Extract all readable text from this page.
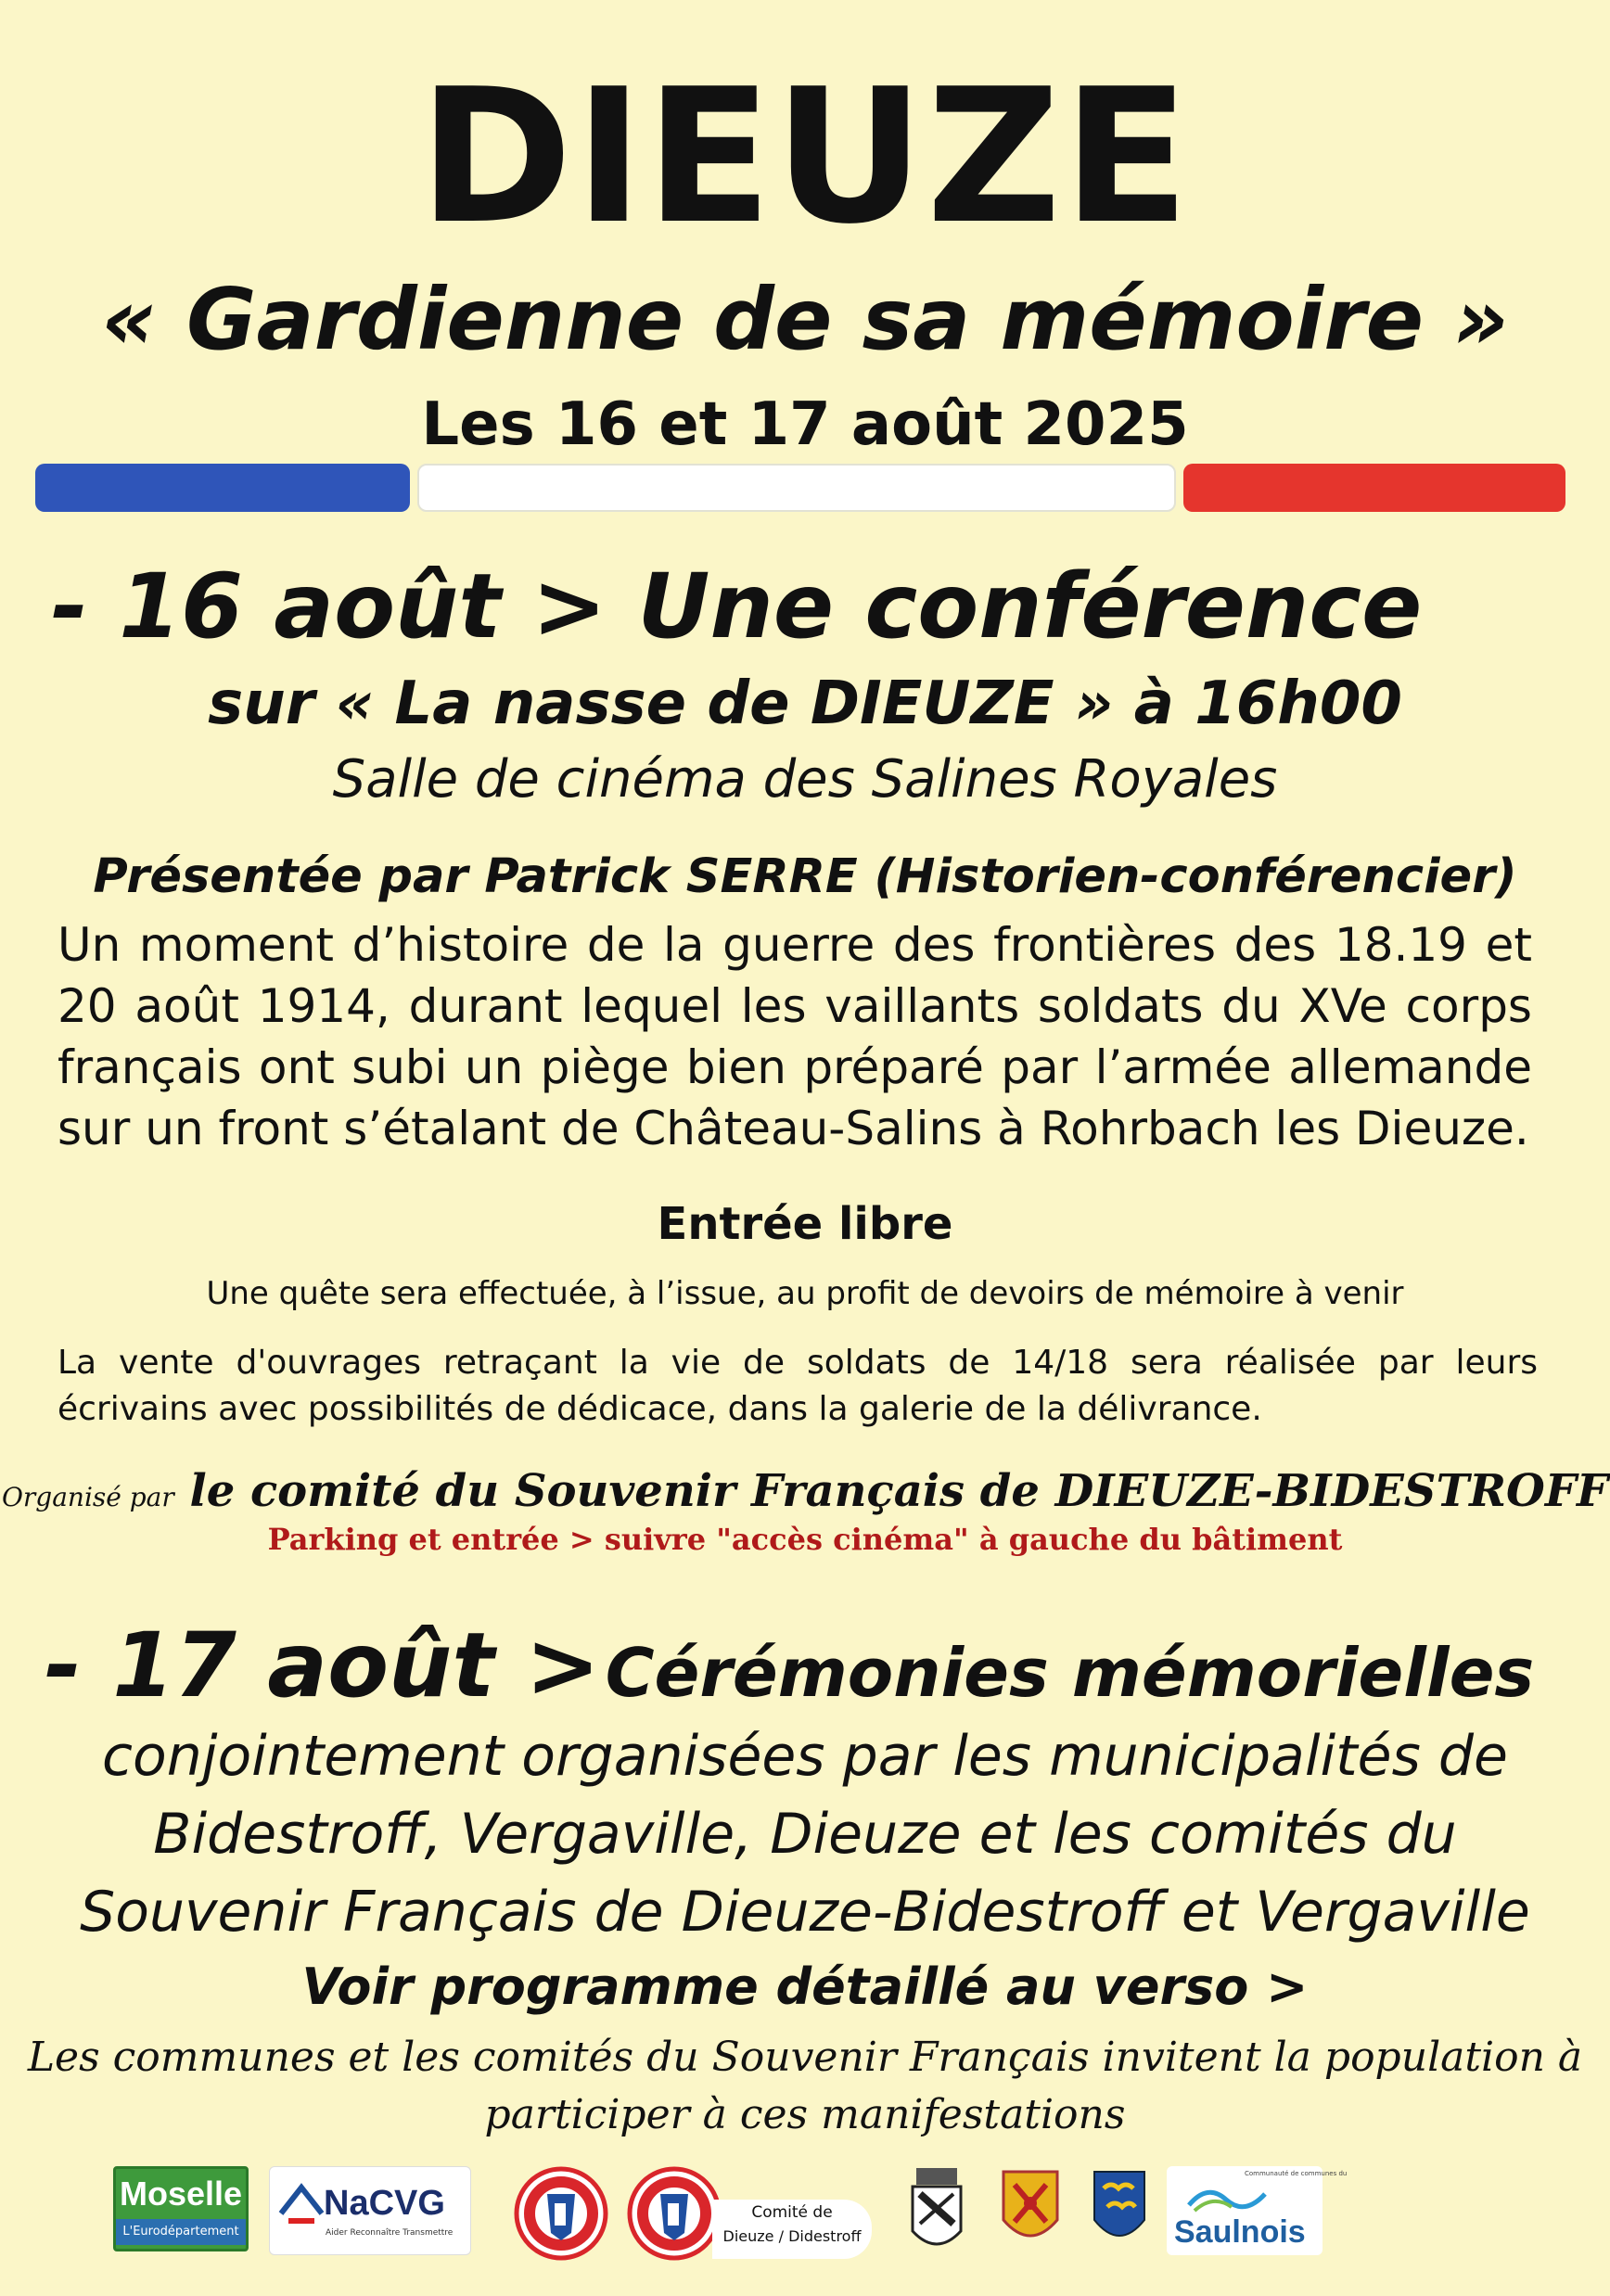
DIEUZE
« Gardienne de sa mémoire »
Les 16 et 17 août 2025
- 16 août > Une conférence
sur « La nasse de DIEUZE » à 16h00
Salle de cinéma des Salines Royales
Présentée par Patrick SERRE (Historien-conférencier)
Un moment d’histoire de la guerre des frontières des 18.19 et 20 août 1914, durant lequel les vaillants soldats du XVe corps français ont subi un piège bien préparé par l’armée allemande sur un front s’étalant de Château-Salins à Rohrbach les Dieuze.
Entrée libre
Une quête sera effectuée, à l’issue, au profit de devoirs de mémoire à venir
La vente d'ouvrages retraçant la vie de soldats de 14/18 sera réalisée par leurs écrivains avec possibilités de dédicace, dans la galerie de la délivrance.
Organisé par le comité du Souvenir Français de DIEUZE-BIDESTROFF
Parking et entrée > suivre "accès cinéma" à gauche du bâtiment
- 17 août > Cérémonies mémorielles
conjointement organisées par les municipalités de
Bidestroff, Vergaville, Dieuze et les comités du
Souvenir Français de Dieuze-Bidestroff et Vergaville
Voir programme détaillé au verso >
Les communes et les comités du Souvenir Français invitent la population à
participer à ces manifestations
Moselle
L'Eurodépartement
NaCVG
Aider Reconnaître Transmettre
Comité de
Dieuze / Didestroff
Communauté de communes du
Saulnois
